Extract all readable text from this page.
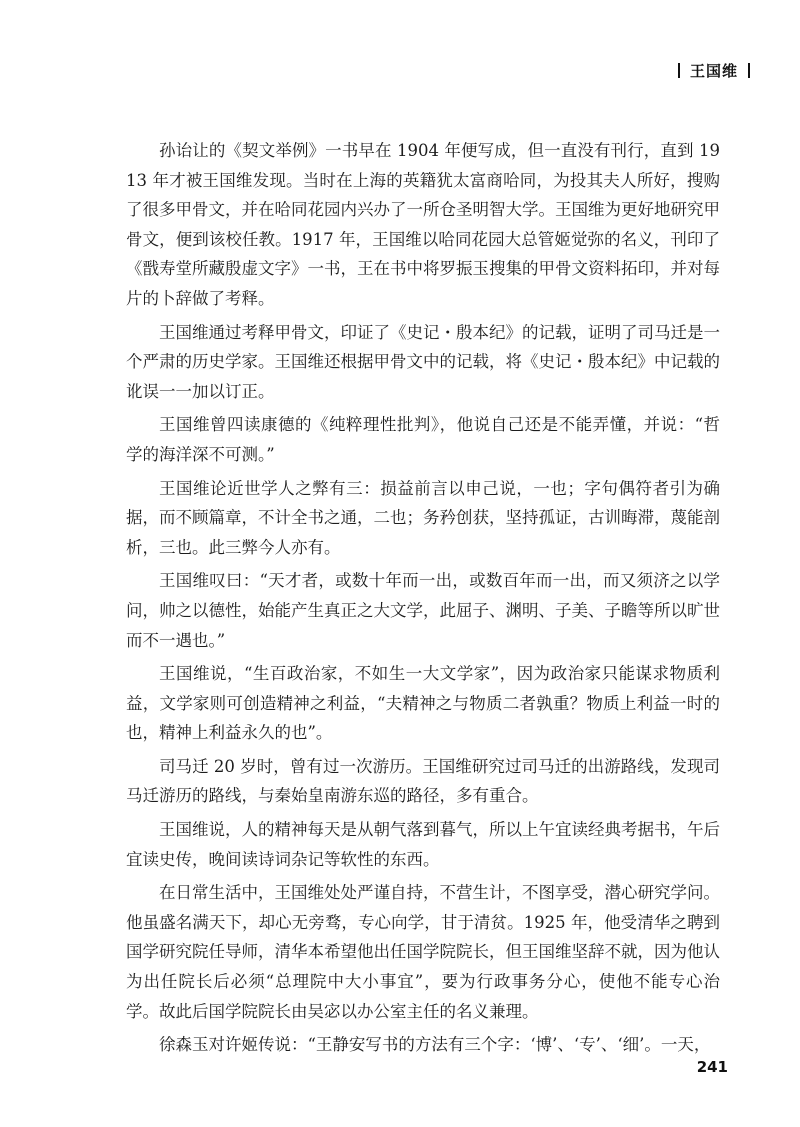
王国维

孙诒让的《契文举例》一书早在 1904 年便写成，但一直没有刊行，直到 1913 年才被王国维发现。当时在上海的英籍犹太富商哈同，为投其夫人所好，搜购了很多甲骨文，并在哈同花园内兴办了一所仓圣明智大学。王国维为更好地研究甲骨文，便到该校任教。1917 年，王国维以哈同花园大总管姬觉弥的名义，刊印了《戬寿堂所藏殷虚文字》一书，王在书中将罗振玉搜集的甲骨文资料拓印，并对每片的卜辞做了考释。

王国维通过考释甲骨文，印证了《史记・殷本纪》的记载，证明了司马迁是一个严肃的历史学家。王国维还根据甲骨文中的记载，将《史记・殷本纪》中记载的讹误一一加以订正。

王国维曾四读康德的《纯粹理性批判》，他说自己还是不能弄懂，并说：“哲学的海洋深不可测。”

王国维论近世学人之弊有三：损益前言以申己说，一也；字句偶符者引为确据，而不顾篇章，不计全书之通，二也；务矜创获，坚持孤证，古训晦滞，蔑能剖析，三也。此三弊今人亦有。

王国维叹曰：“天才者，或数十年而一出，或数百年而一出，而又须济之以学问，帅之以德性，始能产生真正之大文学，此屈子、渊明、子美、子瞻等所以旷世而不一遇也。”

王国维说，“生百政治家，不如生一大文学家”，因为政治家只能谋求物质利益，文学家则可创造精神之利益，“夫精神之与物质二者孰重？物质上利益一时的也，精神上利益永久的也”。

司马迁 20 岁时，曾有过一次游历。王国维研究过司马迁的出游路线，发现司马迁游历的路线，与秦始皇南游东巡的路径，多有重合。

王国维说，人的精神每天是从朝气落到暮气，所以上午宜读经典考据书，午后宜读史传，晚间读诗词杂记等软性的东西。

在日常生活中，王国维处处严谨自持，不营生计，不图享受，潜心研究学问。他虽盛名满天下，却心无旁骛，专心向学，甘于清贫。1925 年，他受清华之聘到国学研究院任导师，清华本希望他出任国学院院长，但王国维坚辞不就，因为他认为出任院长后必须“总理院中大小事宜”，要为行政事务分心，使他不能专心治学。故此后国学院院长由吴宓以办公室主任的名义兼理。

徐森玉对许姬传说：“王静安写书的方法有三个字：‘博’、‘专’、‘细’。一天，

241
